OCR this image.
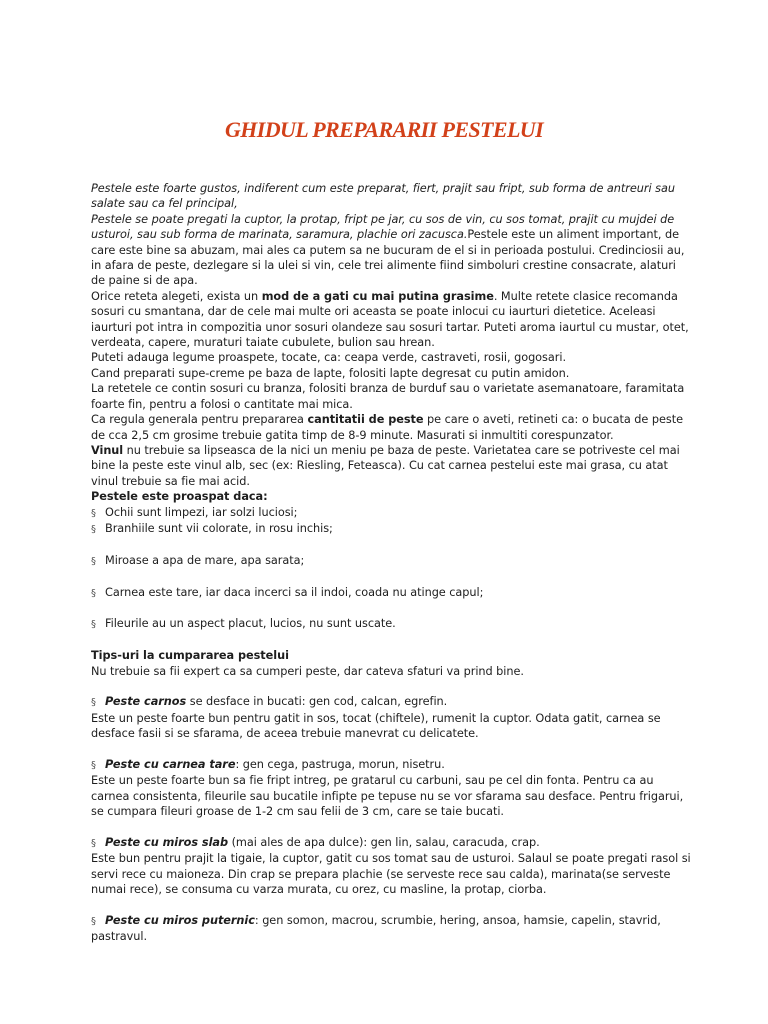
GHIDUL PREPARARII PESTELUI

Pestele este foarte gustos, indiferent cum este preparat, fiert, prajit sau fript, sub forma de antreuri sau salate sau ca fel principal,

Pestele se poate pregati la cuptor, la protap, fript pe jar, cu sos de vin, cu sos tomat, prajit cu mujdei de usturoi, sau sub forma de marinata, saramura, plachie ori zacusca.Pestele este un aliment important, de care este bine sa abuzam, mai ales ca putem sa ne bucuram de el si in perioada postului. Credinciosii au, in afara de peste, dezlegare si la ulei si vin, cele trei alimente fiind simboluri crestine consacrate, alaturi de paine si de apa.

Orice reteta alegeti, exista un mod de a gati cu mai putina grasime. Multe retete clasice recomanda sosuri cu smantana, dar de cele mai multe ori aceasta se poate inlocui cu iaurturi dietetice. Aceleasi iaurturi pot intra in compozitia unor sosuri olandeze sau sosuri tartar. Puteti aroma iaurtul cu mustar, otet, verdeata, capere, muraturi taiate cubulete, bulion sau hrean.

Puteti adauga legume proaspete, tocate, ca: ceapa verde, castraveti, rosii, gogosari.

Cand preparati supe-creme pe baza de lapte, folositi lapte degresat cu putin amidon.

La retetele ce contin sosuri cu branza, folositi branza de burduf sau o varietate asemanatoare, faramitata foarte fin, pentru a folosi o cantitate mai mica.

Ca regula generala pentru prepararea cantitatii de peste pe care o aveti, retineti ca: o bucata de peste de cca 2,5 cm grosime trebuie gatita timp de 8-9 minute. Masurati si inmultiti corespunzator.

Vinul nu trebuie sa lipseasca de la nici un meniu pe baza de peste. Varietatea care se potriveste cel mai bine la peste este vinul alb, sec (ex: Riesling, Feteasca). Cu cat carnea pestelui este mai grasa, cu atat vinul trebuie sa fie mai acid.

Pestele este proaspat daca:

§ Ochii sunt limpezi, iar solzi luciosi;

§ Branhiile sunt vii colorate, in rosu inchis;

§ Miroase a apa de mare, apa sarata;

§ Carnea este tare, iar daca incerci sa il indoi, coada nu atinge capul;

§ Fileurile au un aspect placut, lucios, nu sunt uscate.

Tips-uri la cumpararea pestelui

Nu trebuie sa fii expert ca sa cumperi peste, dar cateva sfaturi va prind bine.

§ Peste carnos se desface in bucati: gen cod, calcan, egrefin.

Este un peste foarte bun pentru gatit in sos, tocat (chiftele), rumenit la cuptor. Odata gatit, carnea se desface fasii si se sfarama, de aceea trebuie manevrat cu delicatete.

§ Peste cu carnea tare: gen cega, pastruga, morun, nisetru.

Este un peste foarte bun sa fie fript intreg, pe gratarul cu carbuni, sau pe cel din fonta. Pentru ca au carnea consistenta, fileurile sau bucatile infipte pe tepuse nu se vor sfarama sau desface. Pentru frigarui, se cumpara fileuri groase de 1-2 cm sau felii de 3 cm, care se taie bucati.

§ Peste cu miros slab (mai ales de apa dulce): gen lin, salau, caracuda, crap.

Este bun pentru prajit la tigaie, la cuptor, gatit cu sos tomat sau de usturoi. Salaul se poate pregati rasol si servi rece cu maioneza. Din crap se prepara plachie (se serveste rece sau calda), marinata(se serveste numai rece), se consuma cu varza murata, cu orez, cu masline, la protap, ciorba.

§ Peste cu miros puternic: gen somon, macrou, scrumbie, hering, ansoa, hamsie, capelin, stavrid, pastravul.
